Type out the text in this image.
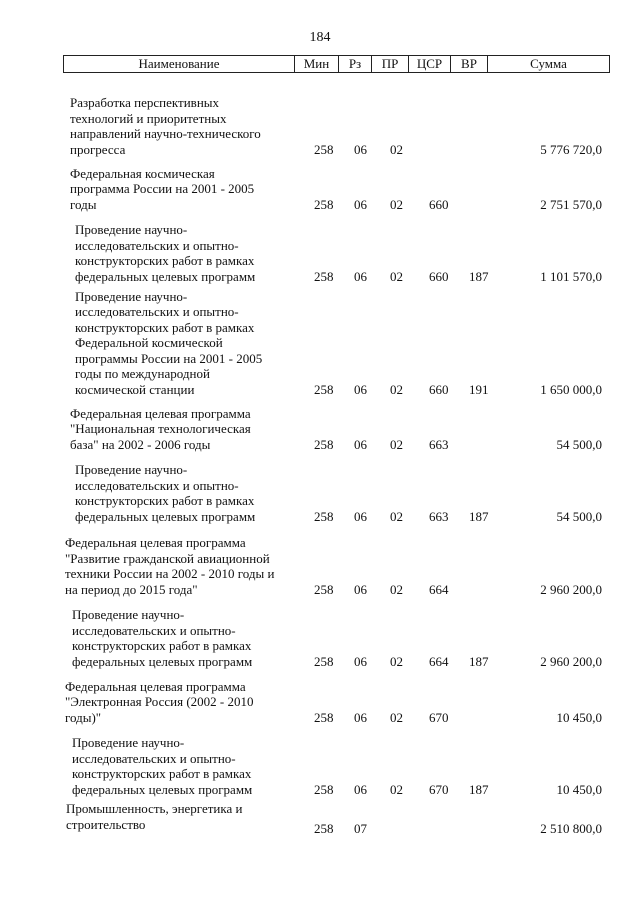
184
Наименование	Мин	Рз	ПР	ЦСР	ВР	Сумма
Разработка перспективных
технологий и приоритетных
направлений научно-технического
прогресса	258 06 02	5 776 720,0
Федеральная космическая
программа России на 2001 - 2005
годы	258 06 02 660	2 751 570,0
Проведение научно-
исследовательских и опытно-
конструкторских работ в рамках
федеральных целевых программ	258 06 02 660 187	1 101 570,0
Проведение научно-
исследовательских и опытно-
конструкторских работ в рамках
Федеральной космической
программы России на 2001 - 2005
годы по международной
космической станции	258 06 02 660 191	1 650 000,0
Федеральная целевая программа
"Национальная технологическая
база" на 2002 - 2006 годы	258 06 02 663	54 500,0
Проведение научно-
исследовательских и опытно-
конструкторских работ в рамках
федеральных целевых программ	258 06 02 663 187	54 500,0
Федеральная целевая программа
"Развитие гражданской авиационной
техники России на 2002 - 2010 годы и
на период до 2015 года"	258 06 02 664	2 960 200,0
Проведение научно-
исследовательских и опытно-
конструкторских работ в рамках
федеральных целевых программ	258 06 02 664 187	2 960 200,0
Федеральная целевая программа
"Электронная Россия (2002 - 2010
годы)"	258 06 02 670	10 450,0
Проведение научно-
исследовательских и опытно-
конструкторских работ в рамках
федеральных целевых программ	258 06 02 670 187	10 450,0
Промышленность, энергетика и
строительство	258 07	2 510 800,0
